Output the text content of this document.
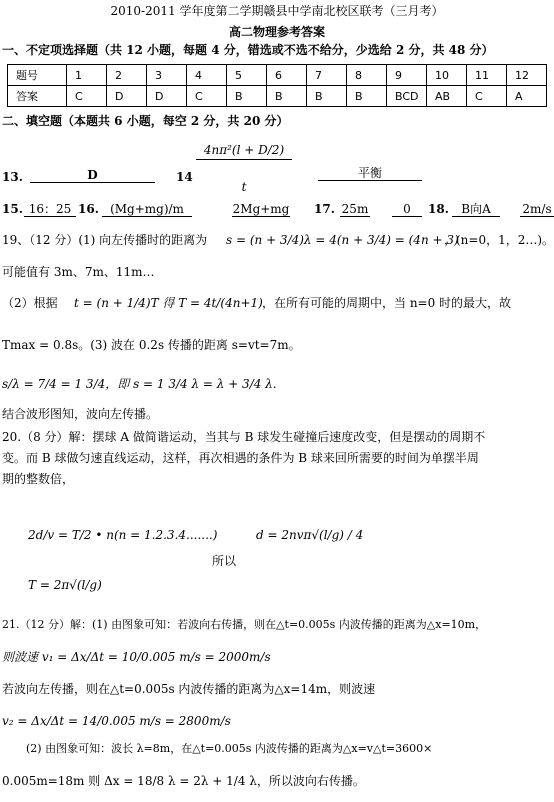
2010-2011 学年度第二学期赣县中学南北校区联考（三月考）
高二物理参考答案
一、不定项选择题（共 12 小题，每题 4 分，错选或不选不给分，少选给 2 分，共 48 分）
题号	1	2	3	4	5	6	7	8	9	10	11	12
答案	C	D	D	C	B	B	B	B	BCD	AB	C	A
二、填空题（本题共 6 小题，每空 2 分，共 20 分）
13.	D	14
4nπ²(l + D/2)
t
平衡
15. 16：25 16. (Mg+mg)/m	2Mg+mg 17. 25m	0	18.	B向A	2m/s
19、（12 分）(1) 向左传播时的距离为 s = (n + 3/4)λ = 4(n + 3/4) = (4n + 3)
，(n=0，1，2…)。
可能值有 3m、7m、11m…
（2）根据 t = (n + 1/4)T 得 T = 4t/(4n+1) ，在所有可能的周期中，当 n=0 时的最大，故
Tmax = 0.8s。(3) 波在 0.2s 传播的距离 s=vt=7m。
s/λ = 7/4 = 1 3/4，即 s = 1 3/4 λ = λ + 3/4 λ.
结合波形图知，波向左传播。
20.（8 分）解：摆球 A 做简谐运动，当其与 B 球发生碰撞后速度改变，但是摆动的周期不
变。而 B 球做匀速直线运动，这样，再次相遇的条件为 B 球来回所需要的时间为单摆半周
期的整数倍，
2d/v = T/2 • n(n = 1.2.3.4.......)
所以
d = 2nvπ√(l/g) / 4
T = 2π√(l/g)
21.（12 分）解：(1) 由图象可知：若波向右传播，则在△t=0.005s 内波传播的距离为△x=10m，
则波速 v₁ = Δx/Δt = 10/0.005 m/s = 2000m/s
若波向左传播，则在△t=0.005s 内波传播的距离为△x=14m，则波速
v₂ = Δx/Δt = 14/0.005 m/s = 2800m/s
(2) 由图象可知：波长 λ=8m，在△t=0.005s 内波传播的距离为△x=v△t=3600×
0.005m=18m 则 Δx = 18/8 λ = 2λ + 1/4 λ，所以波向右传播。
